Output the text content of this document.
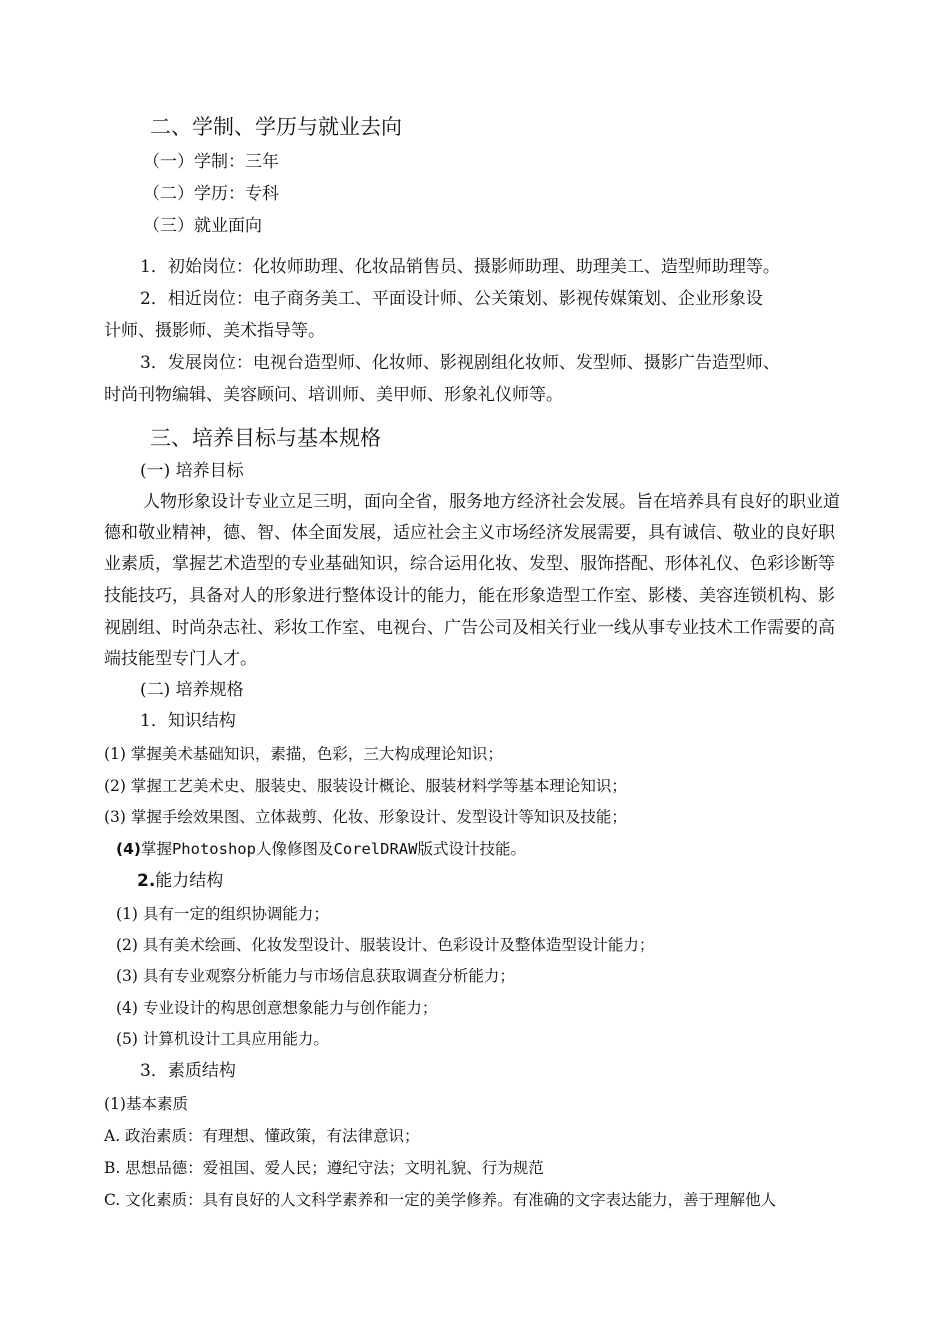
二、学制、学历与就业去向
（一）学制：三年
（二）学历：专科
（三）就业面向
1．初始岗位：化妆师助理、化妆品销售员、摄影师助理、助理美工、造型师助理等。
2．相近岗位：电子商务美工、平面设计师、公关策划、影视传媒策划、企业形象设
计师、摄影师、美术指导等。
3．发展岗位：电视台造型师、化妆师、影视剧组化妆师、发型师、摄影广告造型师、
时尚刊物编辑、美容顾问、培训师、美甲师、形象礼仪师等。
三、培养目标与基本规格
(一) 培养目标
人物形象设计专业立足三明，面向全省，服务地方经济社会发展。旨在培养具有良好的职业道
德和敬业精神，德、智、体全面发展，适应社会主义市场经济发展需要，具有诚信、敬业的良好职
业素质，掌握艺术造型的专业基础知识，综合运用化妆、发型、服饰搭配、形体礼仪、色彩诊断等
技能技巧，具备对人的形象进行整体设计的能力，能在形象造型工作室、影楼、美容连锁机构、影
视剧组、时尚杂志社、彩妆工作室、电视台、广告公司及相关行业一线从事专业技术工作需要的高
端技能型专门人才。
(二) 培养规格
1．知识结构
(1) 掌握美术基础知识，素描，色彩，三大构成理论知识；
(2) 掌握工艺美术史、服装史、服装设计概论、服装材料学等基本理论知识；
(3) 掌握手绘效果图、立体裁剪、化妆、形象设计、发型设计等知识及技能；
(4)掌握Photoshop人像修图及CorelDRAW版式设计技能。
2.能力结构
(1) 具有一定的组织协调能力；
(2) 具有美术绘画、化妆发型设计、服装设计、色彩设计及整体造型设计能力；
(3) 具有专业观察分析能力与市场信息获取调查分析能力；
(4) 专业设计的构思创意想象能力与创作能力；
(5) 计算机设计工具应用能力。
3．素质结构
(1)基本素质
A. 政治素质：有理想、懂政策，有法律意识；
B. 思想品德：爱祖国、爱人民；遵纪守法；文明礼貌、行为规范
C. 文化素质：具有良好的人文科学素养和一定的美学修养。有准确的文字表达能力，善于理解他人
